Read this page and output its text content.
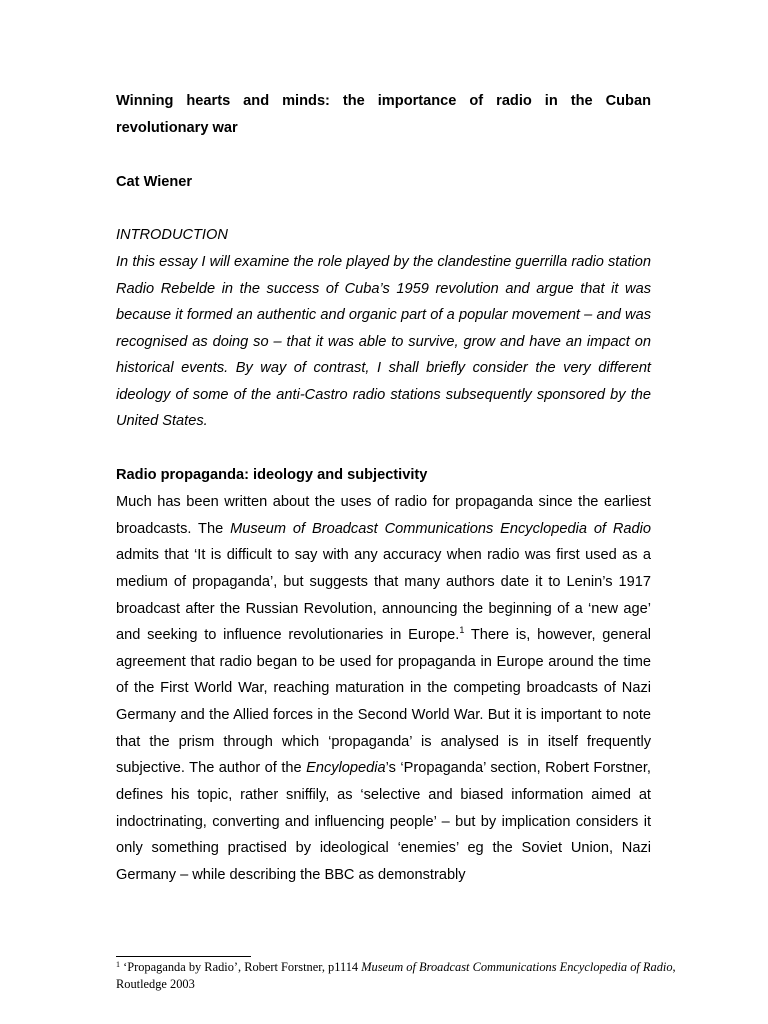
Winning hearts and minds: the importance of radio in the Cuban revolutionary war
Cat Wiener
INTRODUCTION
In this essay I will examine the role played by the clandestine guerrilla radio station Radio Rebelde in the success of Cuba’s 1959 revolution and argue that it was because it formed an authentic and organic part of a popular movement – and was recognised as doing so – that it was able to survive, grow and have an impact on historical events. By way of contrast, I shall briefly consider the very different ideology of some of the anti-Castro radio stations subsequently sponsored by the United States.
Radio propaganda: ideology and subjectivity
Much has been written about the uses of radio for propaganda since the earliest broadcasts. The Museum of Broadcast Communications Encyclopedia of Radio admits that ‘It is difficult to say with any accuracy when radio was first used as a medium of propaganda’, but suggests that many authors date it to Lenin’s 1917 broadcast after the Russian Revolution, announcing the beginning of a ‘new age’ and seeking to influence revolutionaries in Europe.$^1$ There is, however, general agreement that radio began to be used for propaganda in Europe around the time of the First World War, reaching maturation in the competing broadcasts of Nazi Germany and the Allied forces in the Second World War. But it is important to note that the prism through which ‘propaganda’ is analysed is in itself frequently subjective. The author of the Encylopedia’s ‘Propaganda’ section, Robert Forstner, defines his topic, rather sniffily, as ‘selective and biased information aimed at indoctrinating, converting and influencing people’ – but by implication considers it only something practised by ideological ‘enemies’ eg the Soviet Union, Nazi Germany – while describing the BBC as demonstrably
$^1$ ‘Propaganda by Radio’, Robert Forstner, p1114 Museum of Broadcast Communications Encyclopedia of Radio, Routledge 2003
